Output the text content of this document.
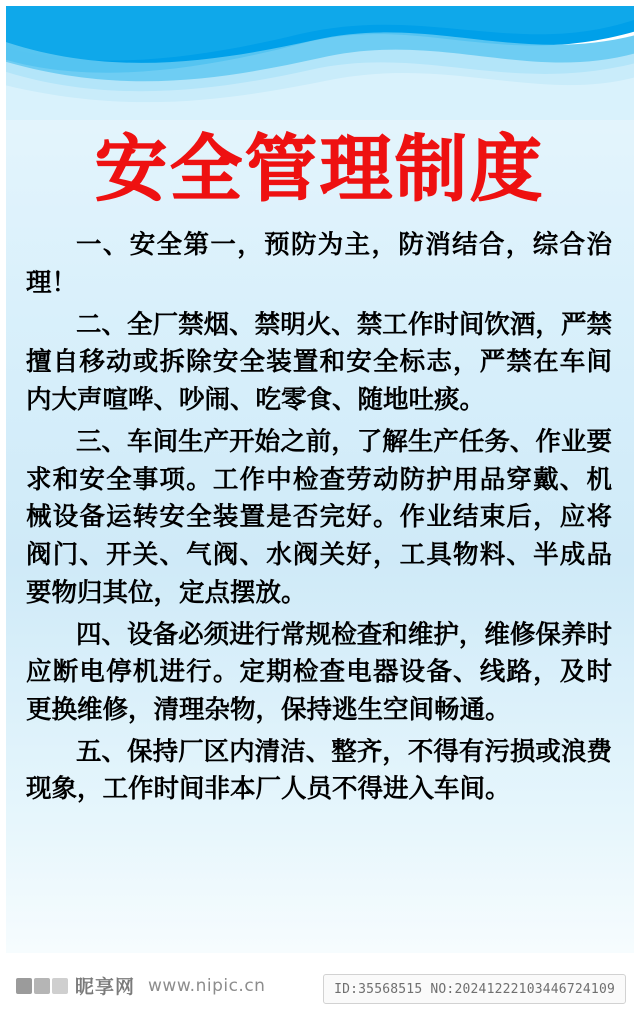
安全管理制度

一、安全第一，预防为主，防消结合，综合治理！

二、全厂禁烟、禁明火、禁工作时间饮酒，严禁擅自移动或拆除安全装置和安全标志，严禁在车间内大声喧哗、吵闹、吃零食、随地吐痰。

三、车间生产开始之前，了解生产任务、作业要求和安全事项。工作中检查劳动防护用品穿戴、机械设备运转安全装置是否完好。作业结束后，应将阀门、开关、气阀、水阀关好，工具物料、半成品要物归其位，定点摆放。

四、设备必须进行常规检查和维护，维修保养时应断电停机进行。定期检查电器设备、线路，及时更换维修，清理杂物，保持逃生空间畅通。

五、保持厂区内清洁、整齐，不得有污损或浪费现象，工作时间非本厂人员不得进入车间。

昵享网 www.nipic.cn	ID:35568515 NO:20241222103446724109
